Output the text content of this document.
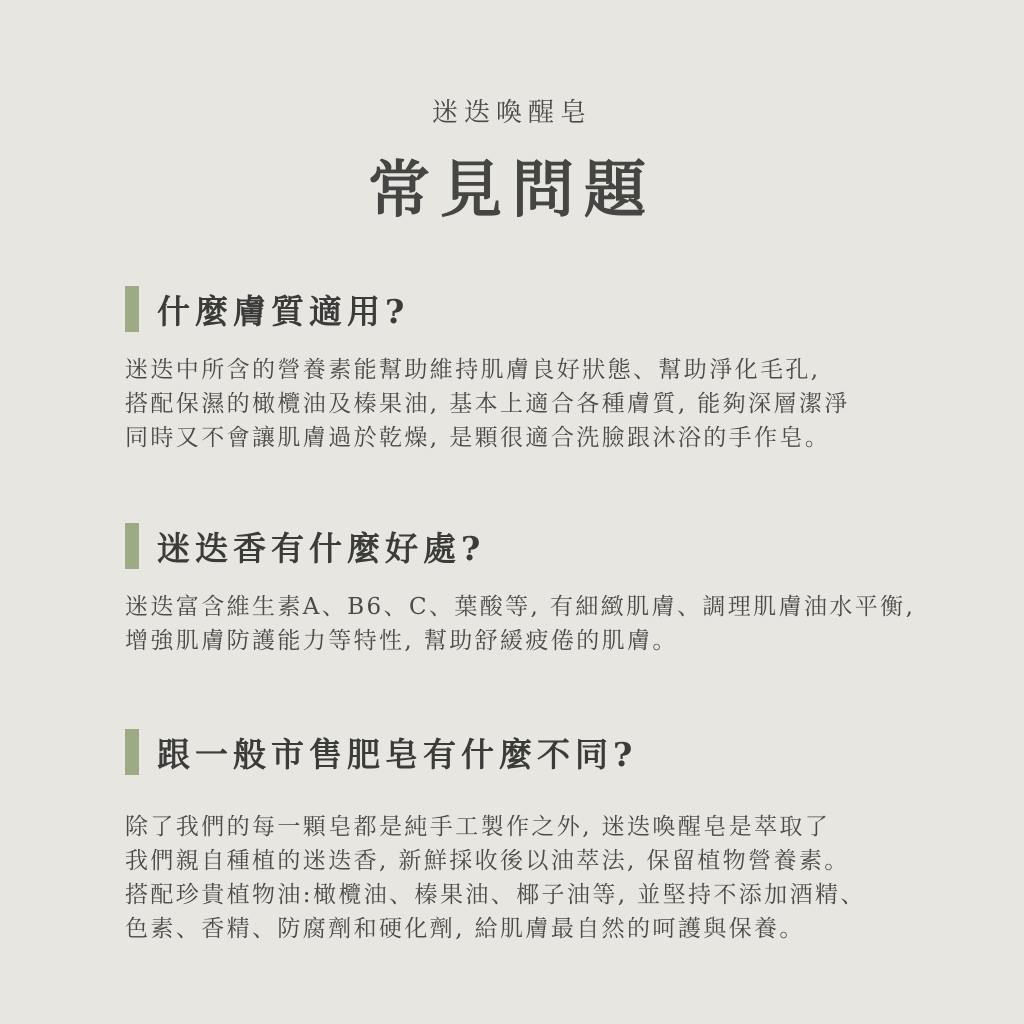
迷迭喚醒皂
常見問題
什麼膚質適用?
迷迭中所含的營養素能幫助維持肌膚良好狀態、幫助淨化毛孔,
搭配保濕的橄欖油及榛果油, 基本上適合各種膚質, 能夠深層潔淨
同時又不會讓肌膚過於乾燥, 是顆很適合洗臉跟沐浴的手作皂。
迷迭香有什麼好處?
迷迭富含維生素A、B6、C、葉酸等, 有細緻肌膚、調理肌膚油水平衡,
增強肌膚防護能力等特性, 幫助舒緩疲倦的肌膚。
跟一般市售肥皂有什麼不同?
除了我們的每一顆皂都是純手工製作之外, 迷迭喚醒皂是萃取了
我們親自種植的迷迭香, 新鮮採收後以油萃法, 保留植物營養素。
搭配珍貴植物油:橄欖油、榛果油、椰子油等, 並堅持不添加酒精、
色素、香精、防腐劑和硬化劑, 給肌膚最自然的呵護與保養。
